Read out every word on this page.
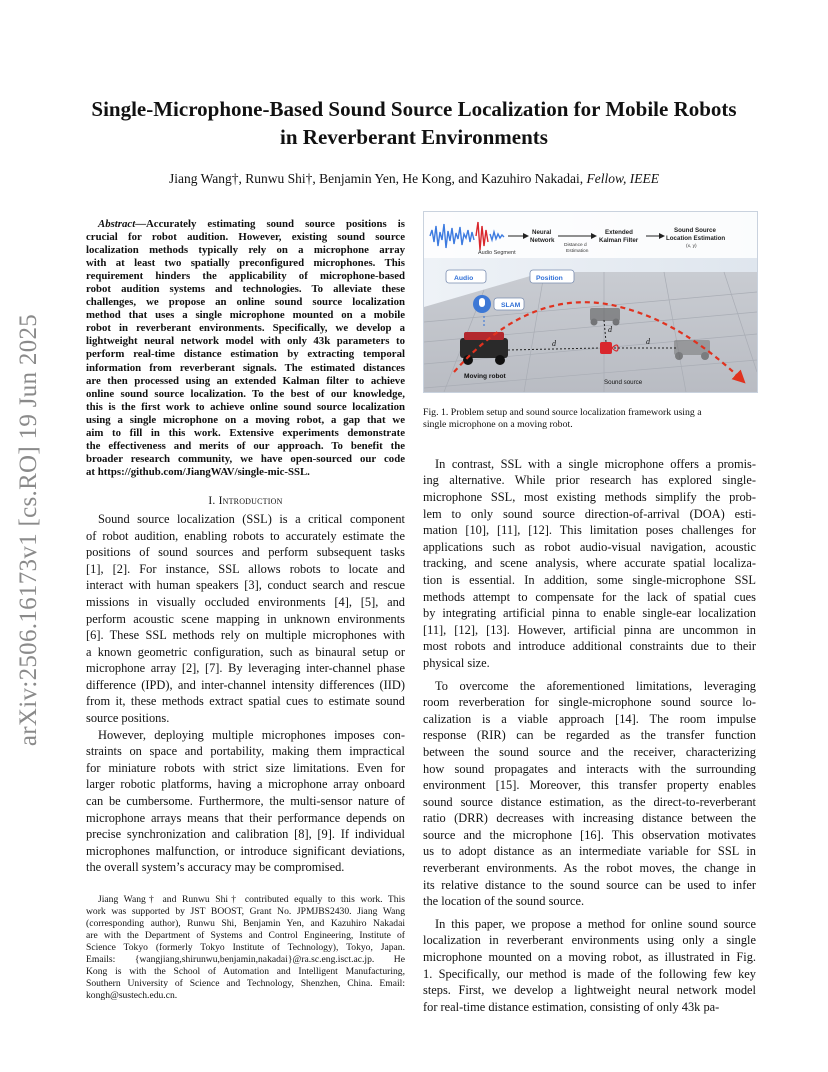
arXiv:2506.16173v1 [cs.RO] 19 Jun 2025
Single-Microphone-Based Sound Source Localization for Mobile Robots
in Reverberant Environments
Jiang Wang†, Runwu Shi†, Benjamin Yen, He Kong, and Kazuhiro Nakadai, Fellow, IEEE
Abstract—Accurately estimating sound source positions is
crucial for robot audition. However, existing sound source
localization methods typically rely on a microphone array
with at least two spatially preconfigured microphones. This
requirement hinders the applicability of microphone-based
robot audition systems and technologies. To alleviate these
challenges, we propose an online sound source localization
method that uses a single microphone mounted on a mobile
robot in reverberant environments. Specifically, we develop a
lightweight neural network model with only 43k parameters to
perform real-time distance estimation by extracting temporal
information from reverberant signals. The estimated distances
are then processed using an extended Kalman filter to achieve
online sound source localization. To the best of our knowledge,
this is the first work to achieve online sound source localization
using a single microphone on a moving robot, a gap that we
aim to fill in this work. Extensive experiments demonstrate
the effectiveness and merits of our approach. To benefit the
broader research community, we have open-sourced our code
at https://github.com/JiangWAV/single-mic-SSL.
I. Introduction
Sound source localization (SSL) is a critical component
of robot audition, enabling robots to accurately estimate the
positions of sound sources and perform subsequent tasks
[1], [2]. For instance, SSL allows robots to locate and
interact with human speakers [3], conduct search and rescue
missions in visually occluded environments [4], [5], and
perform acoustic scene mapping in unknown environments
[6]. These SSL methods rely on multiple microphones with
a known geometric configuration, such as binaural setup or
microphone array [2], [7]. By leveraging inter-channel phase
difference (IPD), and inter-channel intensity differences (IID)
from it, these methods extract spatial cues to estimate sound
source positions.
However, deploying multiple microphones imposes con-
straints on space and portability, making them impractical
for miniature robots with strict size limitations. Even for
larger robotic platforms, having a microphone array onboard
can be cumbersome. Furthermore, the multi-sensor nature of
microphone arrays means that their performance depends on
precise synchronization and calibration [8], [9]. If individual
microphones malfunction, or introduce significant deviations,
the overall system’s accuracy may be compromised.
Jiang Wang† and Runwu Shi† contributed equally to this work. This
work was supported by JST BOOST, Grant No. JPMJBS2430. Jiang Wang
(corresponding author), Runwu Shi, Benjamin Yen, and Kazuhiro Nakadai
are with the Department of Systems and Control Engineering, Institute of
Science Tokyo (formerly Tokyo Institute of Technology), Tokyo, Japan.
Emails: {wangjiang,shirunwu,benjamin,nakadai}@ra.sc.eng.isct.ac.jp. He
Kong is with the School of Automation and Intelligent Manufacturing,
Southern University of Science and Technology, Shenzhen, China. Email:
kongh@sustech.edu.cn.
Audio Segment
Neural
Network
Distance d
Estimation
Extended
Kalman Filter
Sound Source
Location Estimation
(x, y)
Audio	Position
SLAM
Moving robot
Sound source
d
d
d
Fig. 1. Problem setup and sound source localization framework using a
single microphone on a moving robot.
In contrast, SSL with a single microphone offers a promis-
ing alternative. While prior research has explored single-
microphone SSL, most existing methods simplify the prob-
lem to only sound source direction-of-arrival (DOA) esti-
mation [10], [11], [12]. This limitation poses challenges for
applications such as robot audio-visual navigation, acoustic
tracking, and scene analysis, where accurate spatial localiza-
tion is essential. In addition, some single-microphone SSL
methods attempt to compensate for the lack of spatial cues
by integrating artificial pinna to enable single-ear localization
[11], [12], [13]. However, artificial pinna are uncommon in
most robots and introduce additional constraints due to their
physical size.
To overcome the aforementioned limitations, leveraging
room reverberation for single-microphone sound source lo-
calization is a viable approach [14]. The room impulse
response (RIR) can be regarded as the transfer function
between the sound source and the receiver, characterizing
how sound propagates and interacts with the surrounding
environment [15]. Moreover, this transfer property enables
sound source distance estimation, as the direct-to-reverberant
ratio (DRR) decreases with increasing distance between the
source and the microphone [16]. This observation motivates
us to adopt distance as an intermediate variable for SSL in
reverberant environments. As the robot moves, the change in
its relative distance to the sound source can be used to infer
the location of the sound source.
In this paper, we propose a method for online sound source
localization in reverberant environments using only a single
microphone mounted on a moving robot, as illustrated in Fig.
1. Specifically, our method is made of the following few key
steps. First, we develop a lightweight neural network model
for real-time distance estimation, consisting of only 43k pa-
